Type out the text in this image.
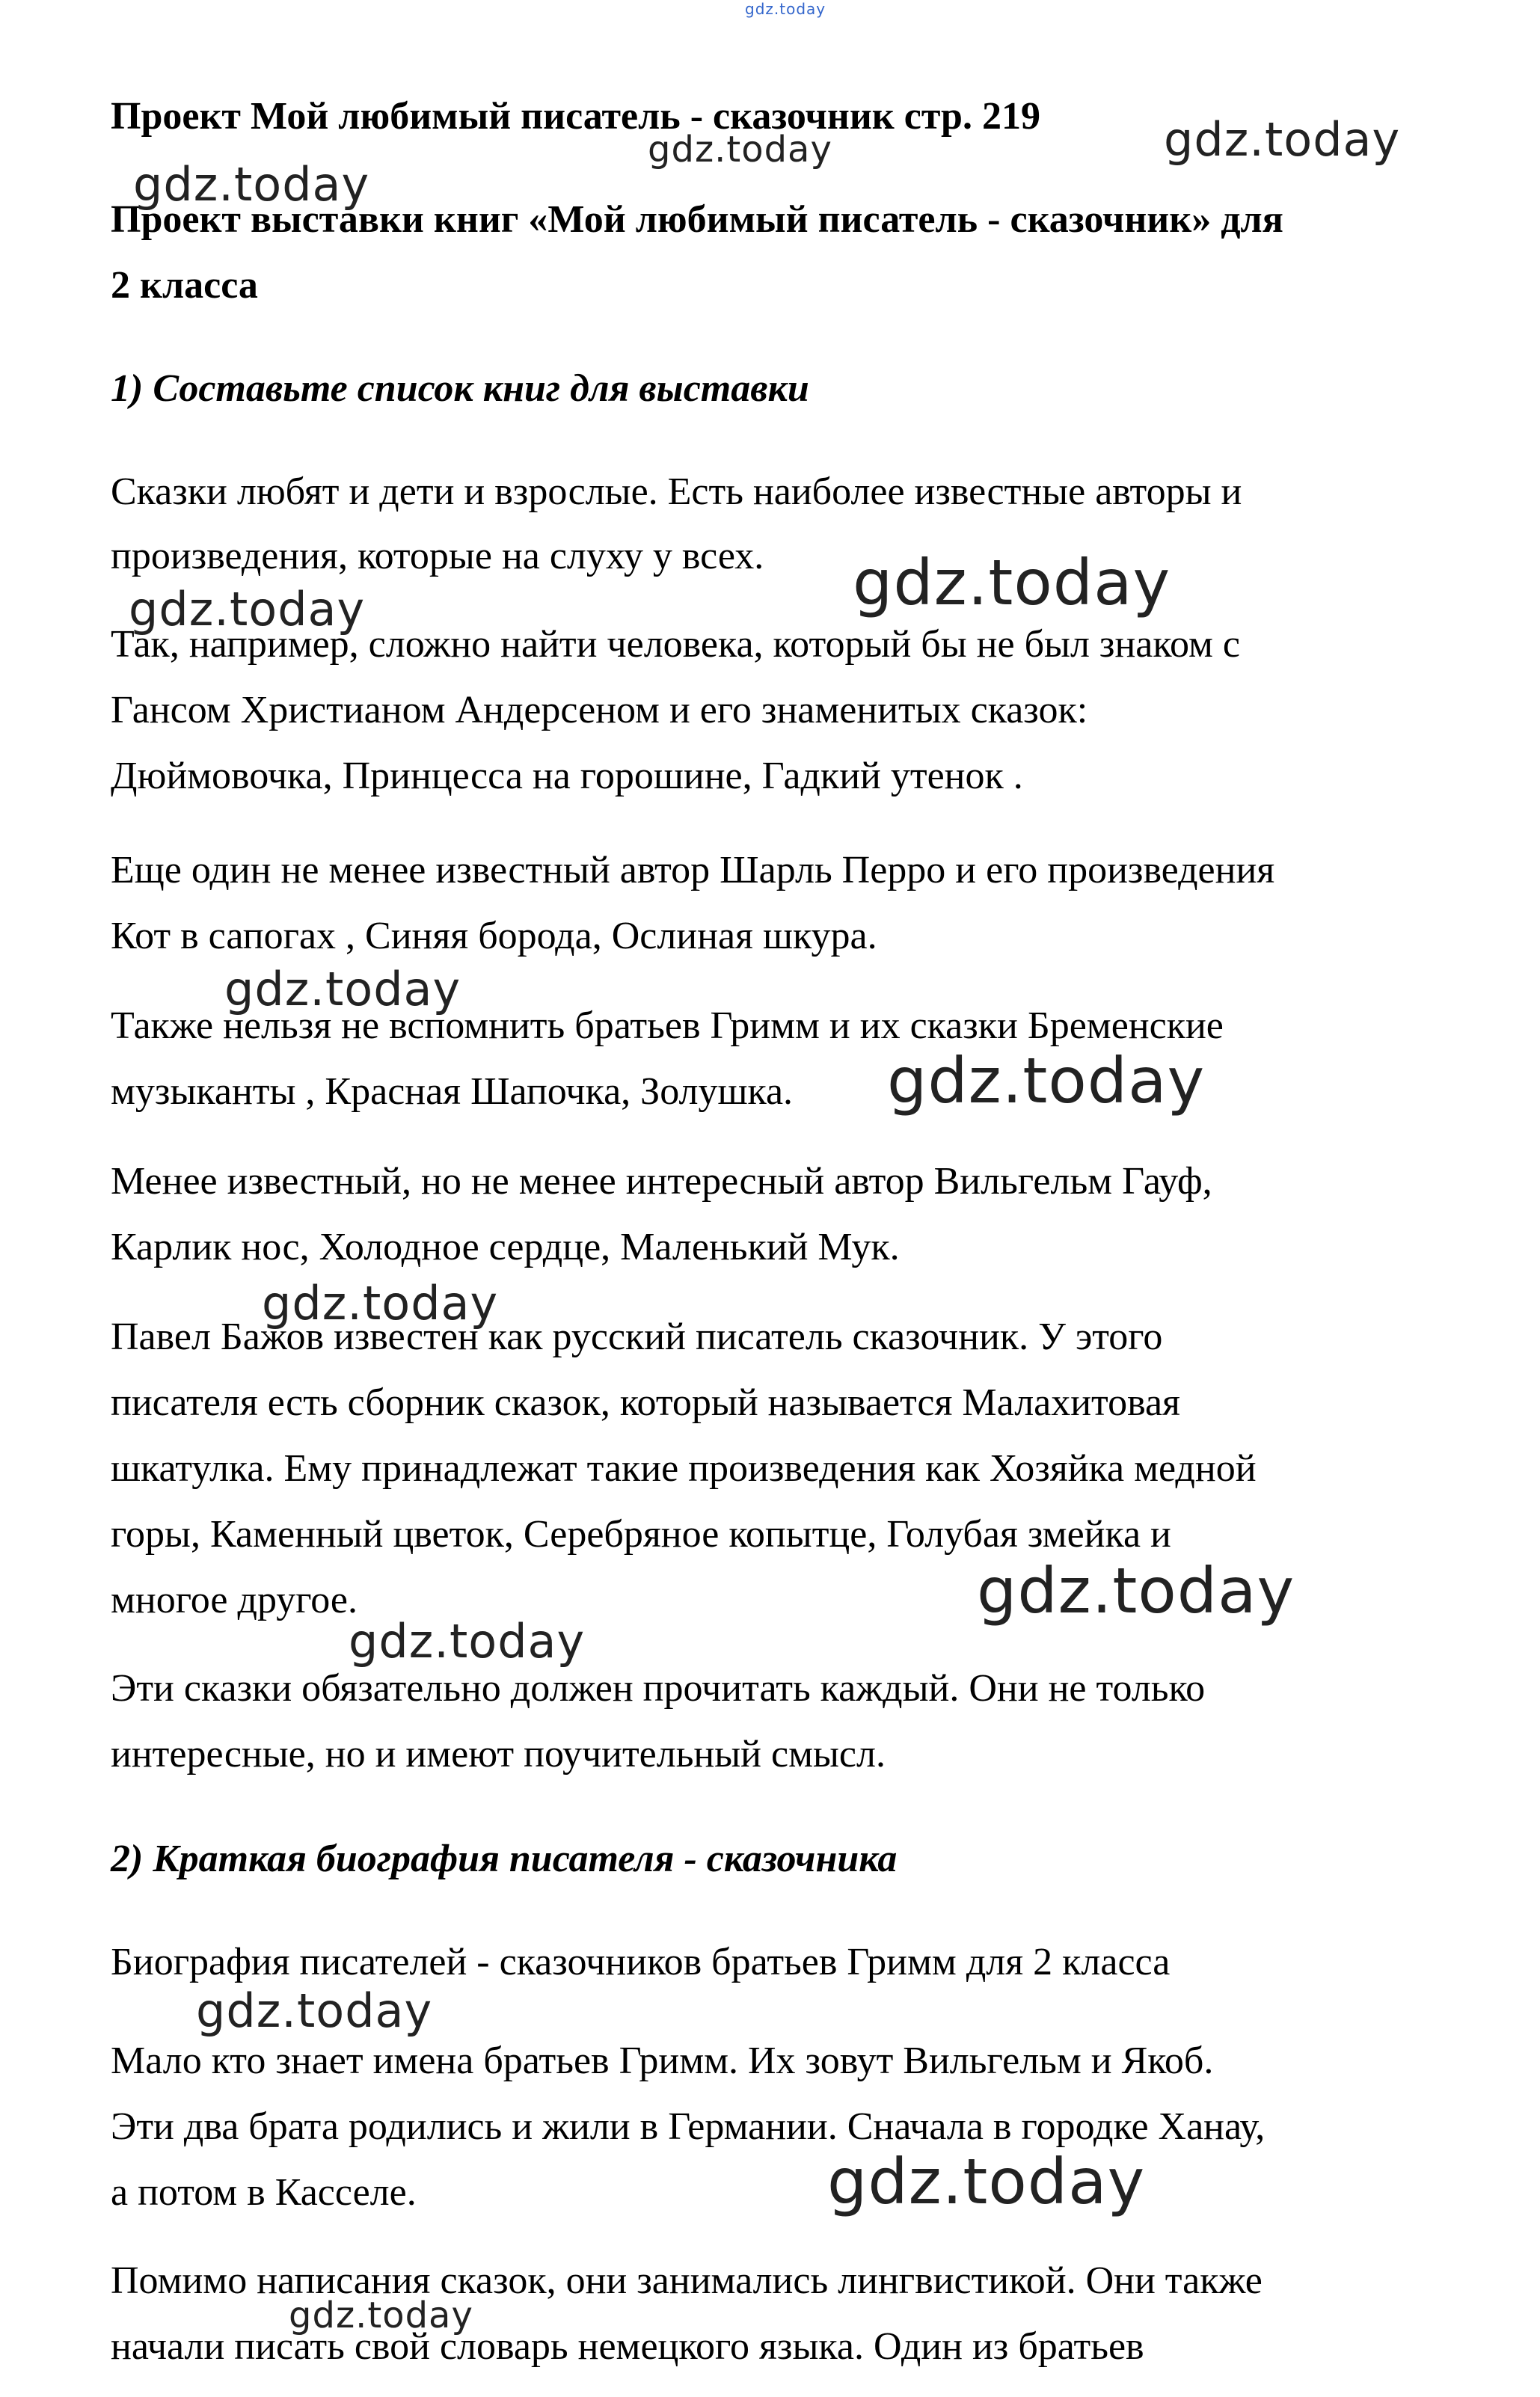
Проект Мой любимый писатель - сказочник стр. 219

Проект выставки книг «Мой любимый писатель - сказочник» для

2 класса

1) Составьте список книг для выставки

Сказки любят и дети и взрослые. Есть наиболее известные авторы и

произведения, которые на слуху у всех.

Так, например, сложно найти человека, который бы не был знаком с

Гансом Христианом Андерсеном и его знаменитых сказок:

Дюймовочка, Принцесса на горошине, Гадкий утенок .

Еще один не менее известный автор Шарль Перро и его произведения

Кот в сапогах , Синяя борода, Ослиная шкура.

Также нельзя не вспомнить братьев Гримм и их сказки Бременские

музыканты , Красная Шапочка, Золушка.

Менее известный, но не менее интересный автор Вильгельм Гауф,

Карлик нос, Холодное сердце, Маленький Мук.

Павел Бажов известен как русский писатель сказочник. У этого

писателя есть сборник сказок, который называется Малахитовая

шкатулка. Ему принадлежат такие произведения как Хозяйка медной

горы, Каменный цветок, Серебряное копытце, Голубая змейка и

многое другое.

Эти сказки обязательно должен прочитать каждый. Они не только

интересные, но и имеют поучительный смысл.

2) Краткая биография писателя - сказочника

Биография писателей - сказочников братьев Гримм для 2 класса

Мало кто знает имена братьев Гримм. Их зовут Вильгельм и Якоб.

Эти два брата родились и жили в Германии. Сначала в городке Ханау,

а потом в Касселе.

Помимо написания сказок, они занимались лингвистикой. Они также

начали писать свой словарь немецкого языка. Один из братьев

gdz.today

gdz.today	gdz.today

gdz.today

gdz.today

gdz.today

gdz.today

gdz.today

gdz.today

gdz.today

gdz.today

gdz.today

gdz.today

gdz.today
